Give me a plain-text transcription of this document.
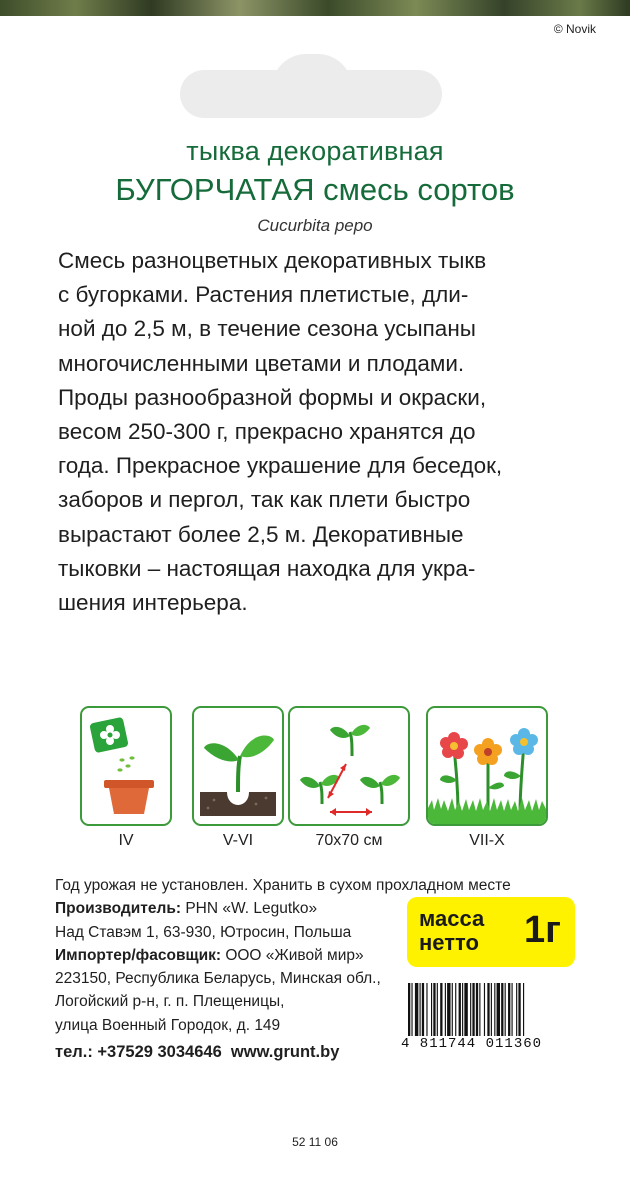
© Novik
тыква декоративная
БУГОРЧАТАЯ смесь сортов
Cucurbita pepo
Смесь разноцветных декоративных тыкв
с бугорками. Растения плетистые, дли-
ной до 2,5 м, в течение сезона усыпаны
многочисленными цветами и плодами.
Проды разнообразной формы и окраски,
весом 250-300 г, прекрасно хранятся до
года. Прекрасное украшение для беседок,
заборов и пергол, так как плети быстро
вырастают более 2,5 м. Декоративные
тыковки – настоящая находка для укра-
шения интерьера.
IV	V-VI	70x70 см	VII-X
Год урожая не установлен. Хранить в сухом прохладном месте
Производитель: PHN «W. Legutko»
Над Ставэм 1, 63-930, Ютросин, Польша
Импортер/фасовщик: ООО «Живой мир»
223150, Республика Беларусь, Минская обл.,
Логойский р-н, г. п. Плещеницы,
улица Военный Городок, д. 149
тел.: +37529 3034646  www.grunt.by
масса
нетто 1г
4 811744 011360
52 11 06
